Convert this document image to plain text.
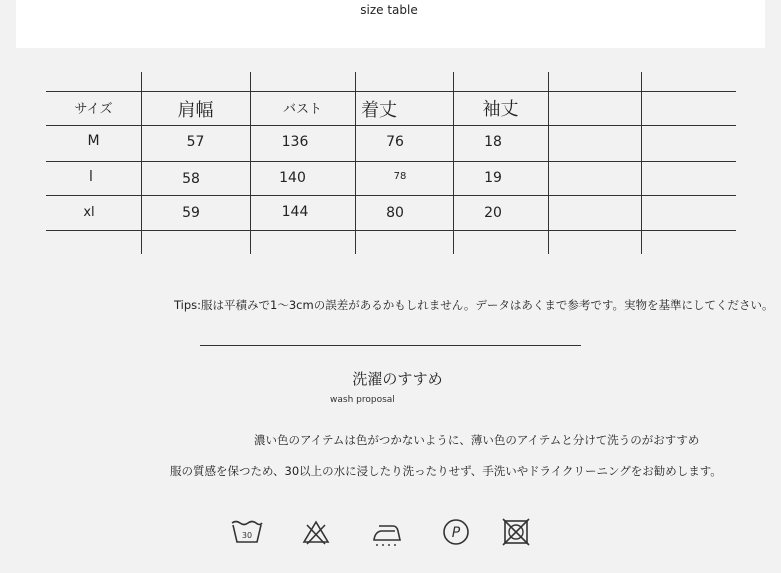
size table
サイズ	肩幅	バスト	着丈	袖丈
M	57	136	76	18
l	58	140	78	19
xl	59	144	80	20
Tips:服は平積みで1～3cmの誤差があるかもしれません。データはあくまで参考です。実物を基準にしてください。
洗濯のすすめ
wash proposal
濃い色のアイテムは色がつかないように、薄い色のアイテムと分けて洗うのがおすすめ
服の質感を保つため、30以上の水に浸したり洗ったりせず、手洗いやドライクリーニングをお勧めします。
30	P
